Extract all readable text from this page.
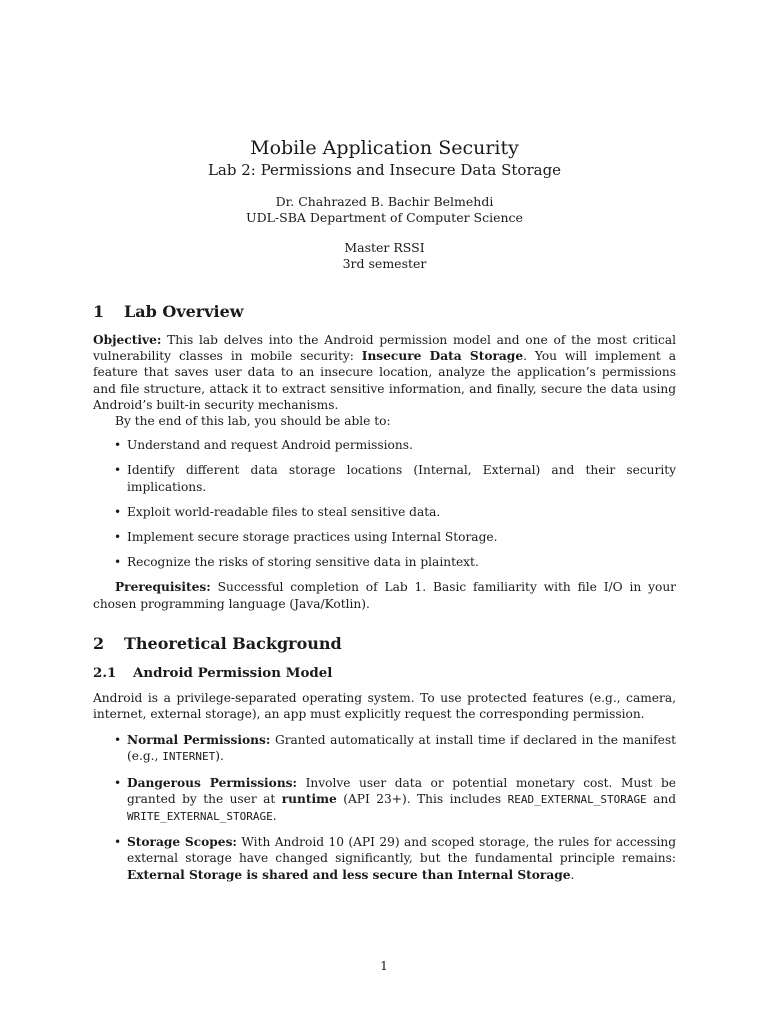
Mobile Application Security
Lab 2: Permissions and Insecure Data Storage

Dr. Chahrazed B. Bachir Belmehdi

UDL-SBA Department of Computer Science

Master RSSI

3rd semester

1 Lab Overview

Objective: This lab delves into the Android permission model and one of the most critical vulnerability classes in mobile security: Insecure Data Storage. You will implement a feature that saves user data to an insecure location, analyze the application’s permissions and file structure, attack it to extract sensitive information, and finally, secure the data using Android’s built-in security mechanisms.

By the end of this lab, you should be able to:

• Understand and request Android permissions.
• Identify different data storage locations (Internal, External) and their security implications.
• Exploit world-readable files to steal sensitive data.
• Implement secure storage practices using Internal Storage.
• Recognize the risks of storing sensitive data in plaintext.

Prerequisites: Successful completion of Lab 1. Basic familiarity with file I/O in your chosen programming language (Java/Kotlin).

2 Theoretical Background
2.1 Android Permission Model

Android is a privilege-separated operating system. To use protected features (e.g., camera, internet, external storage), an app must explicitly request the corresponding permission.

• Normal Permissions: Granted automatically at install time if declared in the manifest (e.g., INTERNET).
• Dangerous Permissions: Involve user data or potential monetary cost. Must be granted by the user at runtime (API 23+). This includes READ_EXTERNAL_STORAGE and WRITE_EXTERNAL_STORAGE.
• Storage Scopes: With Android 10 (API 29) and scoped storage, the rules for accessing external storage have changed significantly, but the fundamental principle remains: External Storage is shared and less secure than Internal Storage.
1
